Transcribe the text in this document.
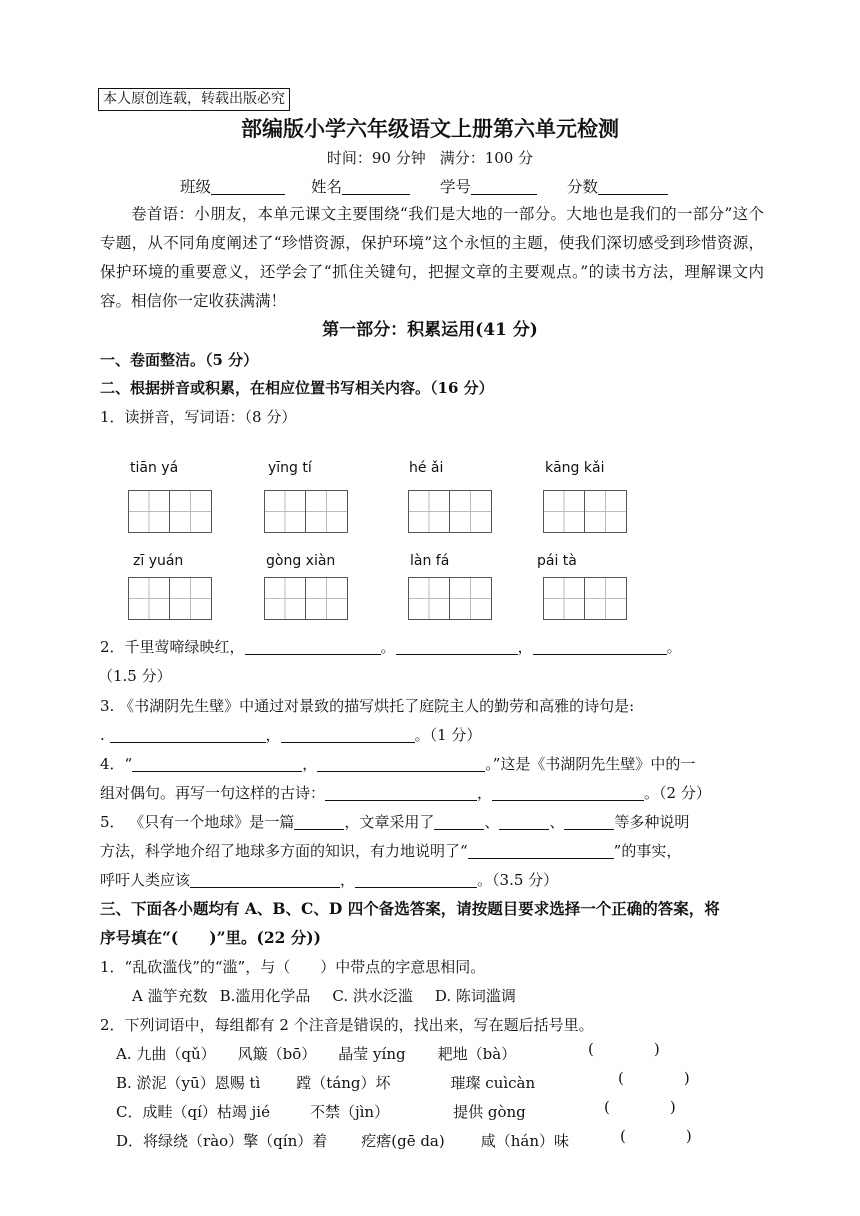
本人原创连载，转载出版必究
部编版小学六年级语文上册第六单元检测
时间：90 分钟 满分：100 分
班级	姓名	学号	分数
卷首语：小朋友，本单元课文主要围绕“我们是大地的一部分。大地也是我们的一部分”这个专题，从不同角度阐述了“珍惜资源，保护环境”这个永恒的主题，使我们深切感受到珍惜资源，保护环境的重要意义，还学会了“抓住关键句，把握文章的主要观点。”的读书方法，理解课文内容。相信你一定收获满满！
第一部分：积累运用(41 分)
一、卷面整洁。（5 分）
二、根据拼音或积累，在相应位置书写相关内容。（16 分）
1．读拼音，写词语：（8 分）
tiān yá	yīng tí	hé ǎi	kāng kǎi
zī yuán	gòng xiàn	làn fá	pái tà
2．千里莺啼绿映红，	。	，	。
（1.5 分）
3. 《书湖阴先生壁》中通过对景致的描写烘托了庭院主人的勤劳和高雅的诗句是:
.	，	。（1 分）
4．“	，	。”这是《书湖阴先生壁》中的一
组对偶句。再写一句这样的古诗：	，	。（2 分）
5． 《只有一个地球》是一篇	，文章采用了	、	、	等多种说明
方法，科学地介绍了地球多方面的知识，有力地说明了“	”的事实，
呼吁人类应该	，	。（3.5 分）
三、下面各小题均有 A、B、C、D 四个备选答案，请按题目要求选择一个正确的答案，将
序号填在“(　　)”里。(22 分))
1．“乱砍滥伐”的“滥”，与（　　）中带点的字意思相同。
A 滥竽充数 B.滥用化学品 C. 洪水泛滥 D. 陈词滥调
2．下列词语中，每组都有 2 个注音是错误的，找出来，写在题后括号里。
A. 九曲（qǔ） 风簸（bō） 晶莹 yíng 耙地（bà）	(　　　　)
B. 淤泥（yū）恩赐 tì 蹚（táng）坏	璀璨 cuìcàn	(　　　　)
C．成畦（qí）枯竭 jié	不禁（jìn）	提供 gòng	(　　　　)
D．将绿绕（rào）擎（qín）着 疙瘩(gē da) 咸（hán）味	(　　　　)
